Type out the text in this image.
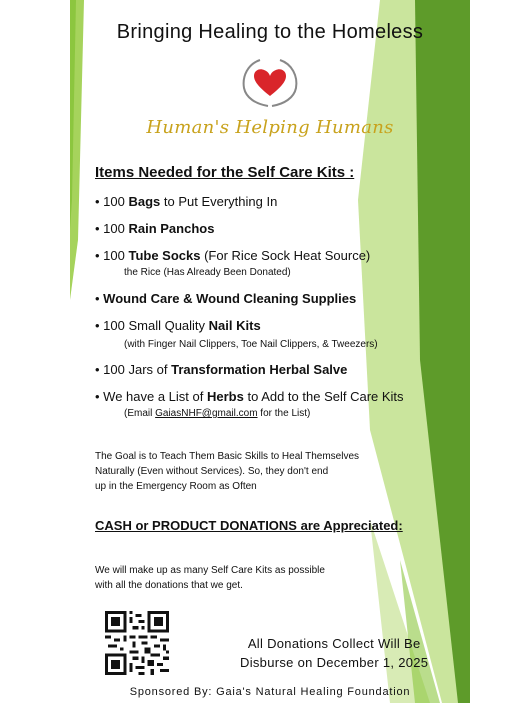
Bringing Healing to the Homeless
Human's Helping Humans
Items Needed for the Self Care Kits :
• 100 Bags to Put Everything In
• 100 Rain Panchos
• 100 Tube Socks (For Rice Sock Heat Source)
the Rice (Has Already Been Donated)
• Wound Care & Wound Cleaning Supplies
• 100 Small Quality Nail Kits
(with Finger Nail Clippers, Toe Nail Clippers, & Tweezers)
• 100 Jars of Transformation Herbal Salve
• We have a List of Herbs to Add to the Self Care Kits
(Email GaiasNHF@gmail.com for the List)
The Goal is to Teach Them Basic Skills to Heal Themselves
Naturally (Even without Services). So, they don't end
up in the Emergency Room as Often
CASH or PRODUCT DONATIONS are Appreciated:
We will make up as many Self Care Kits as possible
with all the donations that we get.
All Donations Collect Will Be
Disburse on December 1, 2025
Sponsored By: Gaia's Natural Healing Foundation
